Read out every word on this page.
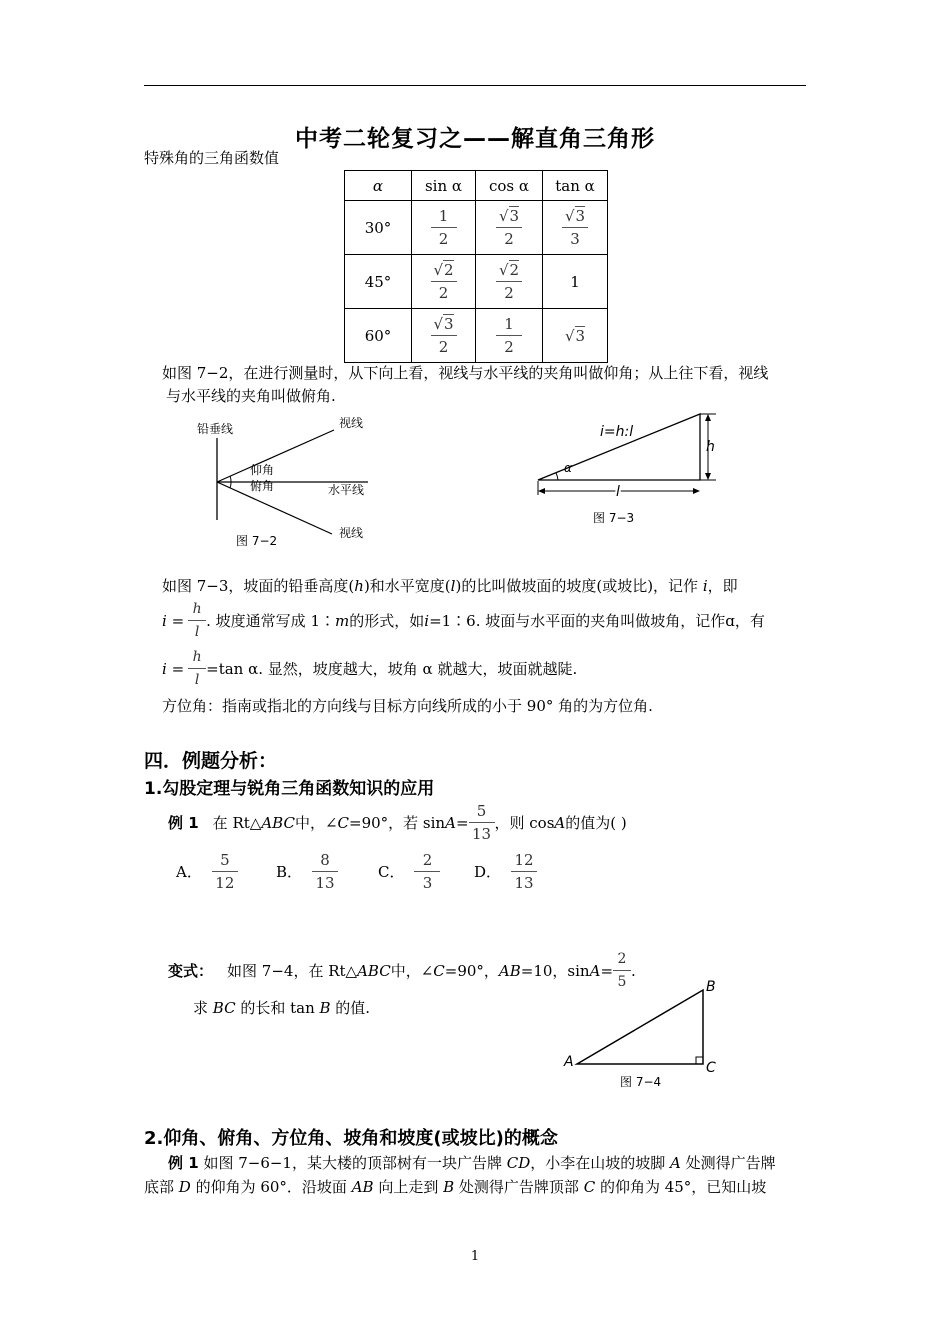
中考二轮复习之——解直角三角形
特殊角的三角函数值
α	sin α	cos α	tan α
30°	$\frac{1}{2}$	$\frac{√3}{2}$	$\frac{√3}{3}$

45°	$\frac{√2}{2}$	$\frac{√2}{2}$	1
60°	$\frac{√3}{2}$	$\frac{1}{2}$	√3
如图 7−2，在进行测量时，从下向上看，视线与水平线的夹角叫做仰角；从上往下看，视线
与水平线的夹角叫做俯角.
铅垂线	视线
仰角
俯角	水平线
视线
图 7−2
i=h:l
h
α
l
图 7−3
如图 7−3，坡面的铅垂高度(h)和水平宽度(l)的比叫做坡面的坡度(或坡比)，记作 i，即
$i = \frac{h}{l}$ . 坡度通常写成 1∶ m 的形式，如 i =1∶6. 坡面与水平面的夹角叫做坡角，记作 ɑ ，有
$i = \frac{h}{l} =\tan$ α. 显然，坡度越大，坡角 α 就越大，坡面就越陡.
方位角：指南或指北的方向线与目标方向线所成的小于 90° 角的为方位角.
四．例题分析：
1.勾股定理与锐角三角函数知识的应用
例 1 在 Rt△ ABC 中，∠ C =90°，若 $\sin A = \frac{5}{13}$ ，则 cos A 的值为( )
A． $\frac{5}{12}$	B． $\frac{8}{13}$	C． $\frac{2}{3}$ D． $\frac{12}{13}$
变式： 如图 7−4，在 Rt△ ABC 中，∠ C =90°， AB =10，$\sin A = \frac{2}{5}$ .
求 BC 的长和 tan B 的值.
A
B
C
图 7−4
2.仰角、俯角、方位角、坡角和坡度(或坡比)的概念
例 1 如图 7−6−1，某大楼的顶部树有一块广告牌 CD，小李在山坡的坡脚 A 处测得广告牌
底部 D 的仰角为 60°．沿坡面 AB 向上走到 B 处测得广告牌顶部 C 的仰角为 45°，已知山坡
1
